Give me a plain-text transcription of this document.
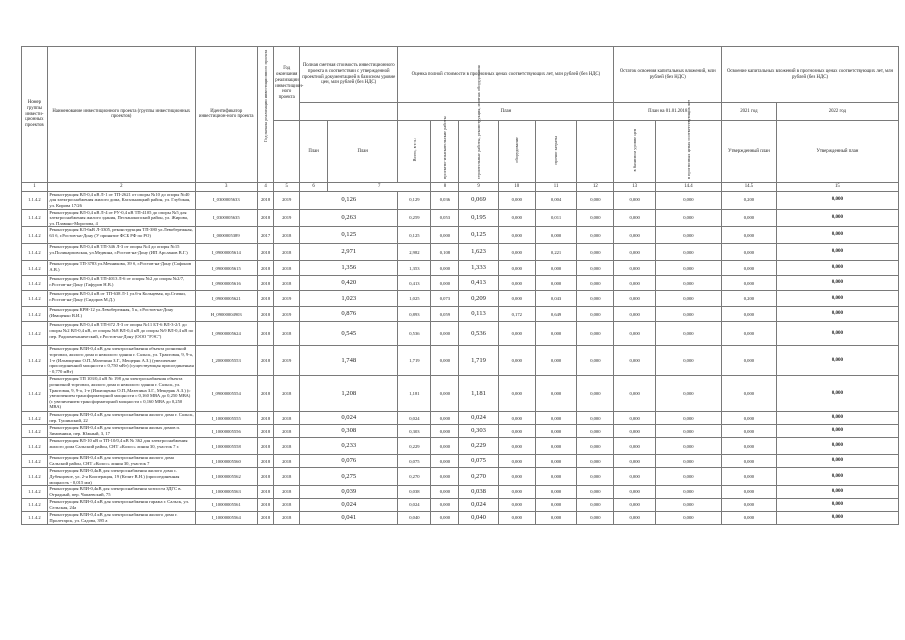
Номер группы инвести-ционных проектов	Наименование инвестиционного проекта (группы инвестиционных проектов)	Идентификатор инвестицион-ного проекта	Год начала реализации инвестиционного проекта	Год окончания реализации инвестицион-ного проекта	Полная сметная стоимость инвестиционного проекта в соответствии с утвержденной проектной документацией в базисном уровне цен, млн рублей (без НДС)		Оценка полной стоимости в прогнозных ценах соответствующих лет, млн рублей (без НДС)						Остаток освоения капитальных вложений, млн рублей (без НДС)		Освоение капитальных вложений в прогнозных ценах соответствующих лет, млн рублей (без НДС)	
							План						План на 01.01.2018		2021 год	2022 год
					План	План	Всего, в т.ч.:	проектно-изыскательские работы	строительные работы, реконструкция, монтаж оборудования	оборудование	прочие затраты		в базисном уровне цен	в прогнозных ценах соответствующих лет	Утвержденный план	Утвержденный план
1	2	3	4	5	6	7		8	9	10	11	12	13	14.4	14.5	15
1.1.4.2	Реконструкция ВЛ-0,4 кВ Л-1 от ТП-2621 от опоры №10 до опоры №40 для электроснабжения жилого дома, Кагальницкий район, ул. Глубокая, ул. Кирова 17/26	I_0300005633	2018	2019	0,126		0,129	0,036	0,069	0,000	0,004	0,000	0,000	0,000	0,200	0,000
1.1.4.2	Реконструкция ВЛ-0,4 кВ Л-4 от РУ-0,4 кВ ТП-4105 до опоры №5 для электроснабжения жилого здания, Песчанокопский район, ул. Жирова, ул. Плавано-Морозова, 4	I_0300005635	2018	2019	0,263		0,259	0,053	0,195	0,000	0,011	0,000	0,000	0,000	0,000	0,000
1.1.4.2	Реконструкция КЛ-6кВ Л-3305, реконструкция ТП-380 ул.Левобережная, 63 б, г.Ростов-на-Дону (У принятие ФСБ РФ по РО)	I_0000005389	2017	2018	0,125		0,125	0,000	0,125	0,000	0,000	0,000	0,000	0,000	0,000	0,000
1.1.4.2	Реконструкция ВЛ-0,4 кВ ТП-346 Л-3 от опоры №4 до опоры №15 ул.Поликарповская, ул.Медвина, г.Ростов-на-Дону (ИП Арсланов В.Г.)	I_09000005614	2018	2018	2,971		2,982	0,108	1,623	0,000	0,221	0,000	0,000	0,000	0,000	0,000
1.1.4.2	Реконструкция ТП-3783 ул.Мечникова, 39 б, г.Ростов-на-Дону (Сафонов А.В.)	I_09000005615	2018	2018	1,356		1,353	0,000	1,333	0,000	0,000	0,000	0,000	0,000	0,000	0,000
1.1.4.2	Реконструкция ВЛ-0,4 кВ ТП-4013 Л-6 от опоры №2 до опоры №2/7, г.Ростов-на-Дону (Гафуров Н.В.)	I_09000005616	2018	2018	0,420		0,413	0,000	0,413	0,000	0,000	0,000	0,000	0,000	0,000	0,000
1.1.4.2	Реконструкция ВЛ-0,4 кВ от ТП-638 Л-1 ул.6-я Кольцевая, пр.Стачки, г.Ростов-на-Дону (Сидоров М.Д.)	I_09000005621	2018	2019	1,023		1,025	0,073	0,209	0,000	0,043	0,000	0,000	0,000	0,200	0,000
1.1.4.2	Реконструкция КРН-12 ул.Левобережная, 5 к, г.Ростов-на-Дону (Иващенко В.И.)	H_09000004903	2018	2019	0,876		0,893	0,059	0,113	0,172	0,649	0,000	0,000	0,000	0,000	0,000
1.1.4.2	Реконструкция ВЛ-0,4 кВ ТП-672 Л-3 от опоры №11 БТ-6 ВЛ-3-2/1 до опоры №2 ВЛ-0,4 кВ, от опоры №8 ВЛ-0,4 кВ до опоры №9 ВЛ-0,4 кВ по пер. Радиомеханический, г.Ростов-на-Дону (ООО "РЭС")	I_09000005624	2018	2018	0,545		0,536	0,000	0,536	0,000	0,000	0,000	0,000	0,000	0,000	0,000
1.1.4.2	Реконструкция ВЛИ-0,4 кВ для электроснабжения объекта розничной торговли, жилого дома и нежилого здания г. Сальск, ул. Трактовая, 9, 9-а, 1-е (Ильющенко О.П.,Мазепина З.Г., Мещеряк А.З.) (увеличение присоединенной мощности с 0,750 мВт) (существующая присоединенная - 0,770 мВт)	I_20000005553	2018	2019	1,748		1,719	0,000	1,719	0,000	0,000	0,000	0,000	0,000	0,000	0,000
1.1.4.2	Реконструкция ТП 103/0,4 кВ № 198 для электроснабжения объекта розничной торговли, жилого дома и нежилого здания г. Сальск, ул. Трактовая, 9, 9-а, 1-е (Ильющенко О.П.,Мазепина З.Г., Мещеряк А.З.) (с увеличением трансформаторной мощности с 0,160 МВА до 0,250 МВА) (с увеличением трансформаторной мощности с 0,160 МВА до 0,250 МВА)	I_09000005554	2018	2018	1,208		1,181	0,000	1,181	0,000	0,000	0,000	0,000	0,000	0,000	0,000
1.1.4.2	Реконструкция ВЛИ-0,4 кВ для электроснабжения жилого дома г. Сальск, пер. Тушинский, 22	I_10000005555	2018	2018	0,024		0,024	0,000	0,024	0,000	0,000	0,000	0,000	0,000	0,000	0,000
1.1.4.2	Реконструкция ВЛИ-0,4 кВ для электроснабжения жилых домов п. Зимовники, пер. Южный, 3, 17	I_10000005556	2018	2018	0,308		0,303	0,000	0,303	0,000	0,000	0,000	0,000	0,000	0,000	0,000
1.1.4.2	Реконструкция ВЛ-10 кВ и ТП-10/0,4 кВ № 362 для электроснабжения жилого дома Сальский район, СНТ «Колос» линия 30, участок 7 г.	I_10000005558	2018	2018	0,233		0,229	0,000	0,229	0,000	0,000	0,000	0,000	0,000	0,000	0,000
1.1.4.2	Реконструкция ВЛИ-0,4 кВ для электроснабжения жилого дома Сальский район, СНТ «Колос» линия 30, участок 7	I_10000005560	2018	2018	0,076		0,075	0,000	0,075	0,000	0,000	0,000	0,000	0,000	0,000	0,000
1.1.4.2	Реконструкция ВЛИ-0,4кВ для электроснабжения жилого дома с. Дубенцовое, ул. 2-я Кооперация, 19 (Келит В.Н.) (присоединенная мощность - 0,015 мм)	I_10000005562	2018	2018	0,275		0,270	0,000	0,270	0,000	0,000	0,000	0,000	0,000	0,000	0,000
1.1.4.2	Реконструкция ВЛИ-0,4кВ для электроснабжения хозпоста ЗДГС в. Отрадный, пер. Чапаевский, 75	I_10000005563	2018	2018	0,039		0,038	0,000	0,038	0,000	0,000	0,000	0,000	0,000	0,000	0,000
1.1.4.2	Реконструкция ВЛИ-0,4 кВ для электроснабжения гаража г. Сальск, ул. Сельская, 24а	I_10000005561	2018	2018	0,024		0,024	0,000	0,024	0,000	0,000	0,000	0,000	0,000	0,000	0,000
1.1.4.2	Реконструкция ВЛИ-0,4 кВ для электроснабжения жилого дома г. Пролетарск, ул. Садова, 395 а	I_10000005564	2018	2018	0,041		0,040	0,000	0,040	0,000	0,000	0,000	0,000	0,000	0,000	0,000
